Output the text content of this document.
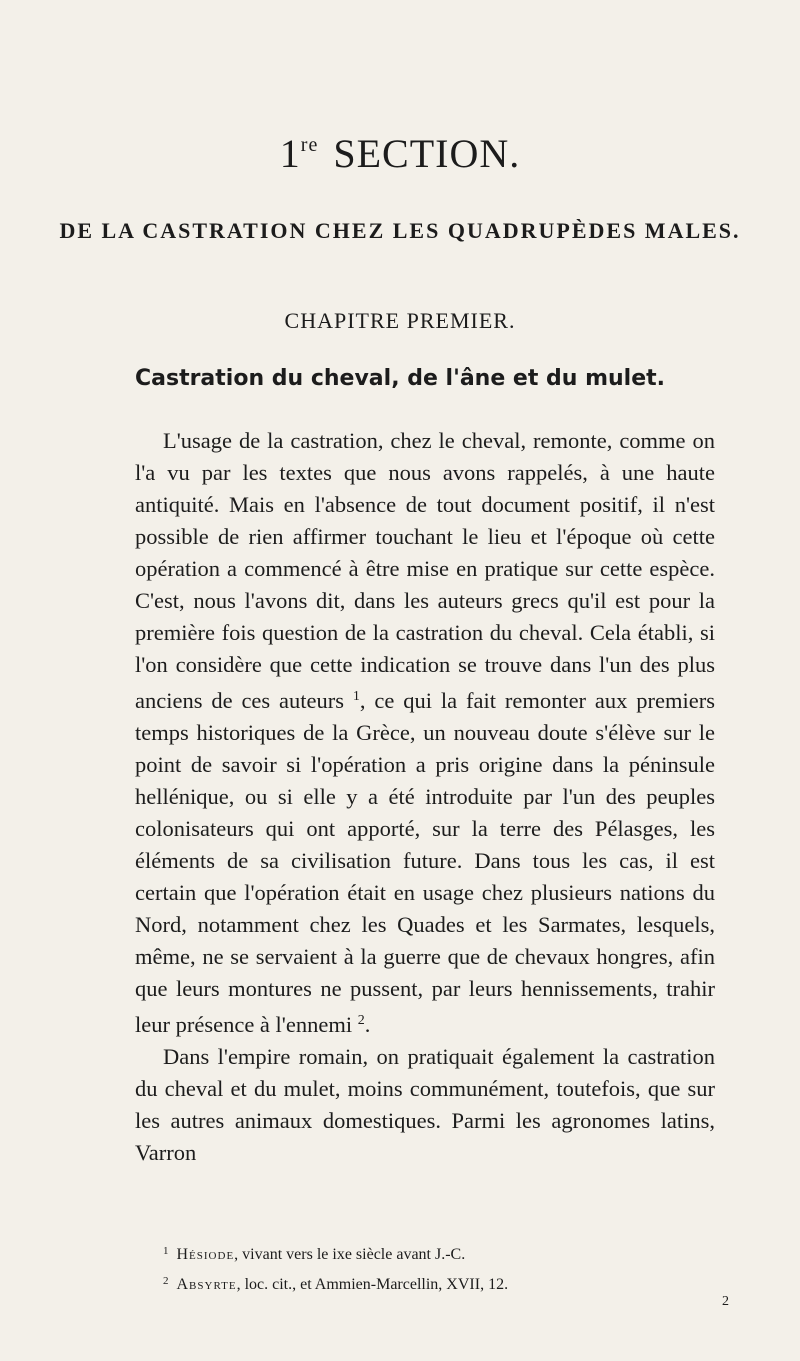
1re SECTION.
DE LA CASTRATION CHEZ LES QUADRUPÈDES MALES.
CHAPITRE PREMIER.
Castration du cheval, de l'âne et du mulet.

L'usage de la castration, chez le cheval, remonte, comme on l'a vu par les textes que nous avons rappelés, à une haute antiquité. Mais en l'absence de tout document positif, il n'est possible de rien affirmer touchant le lieu et l'époque où cette opération a commencé à être mise en pratique sur cette espèce. C'est, nous l'avons dit, dans les auteurs grecs qu'il est pour la première fois question de la castration du cheval. Cela établi, si l'on considère que cette indication se trouve dans l'un des plus anciens de ces auteurs $^1$, ce qui la fait remonter aux premiers temps historiques de la Grèce, un nouveau doute s'élève sur le point de savoir si l'opération a pris origine dans la péninsule hellénique, ou si elle y a été introduite par l'un des peuples colonisateurs qui ont apporté, sur la terre des Pélasges, les éléments de sa civilisation future. Dans tous les cas, il est certain que l'opération était en usage chez plusieurs nations du Nord, notamment chez les Quades et les Sarmates, lesquels, même, ne se servaient à la guerre que de chevaux hongres, afin que leurs montures ne pussent, par leurs hennissements, trahir leur présence à l'ennemi $^2$.

Dans l'empire romain, on pratiquait également la castration du cheval et du mulet, moins communément, toutefois, que sur les autres animaux domestiques. Parmi les agronomes latins, Varron

$^1$ Hésiode, vivant vers le ixe siècle avant J.-C.
$^2$ Absyrte, loc. cit., et Ammien-Marcellin, XVII, 12.
2
